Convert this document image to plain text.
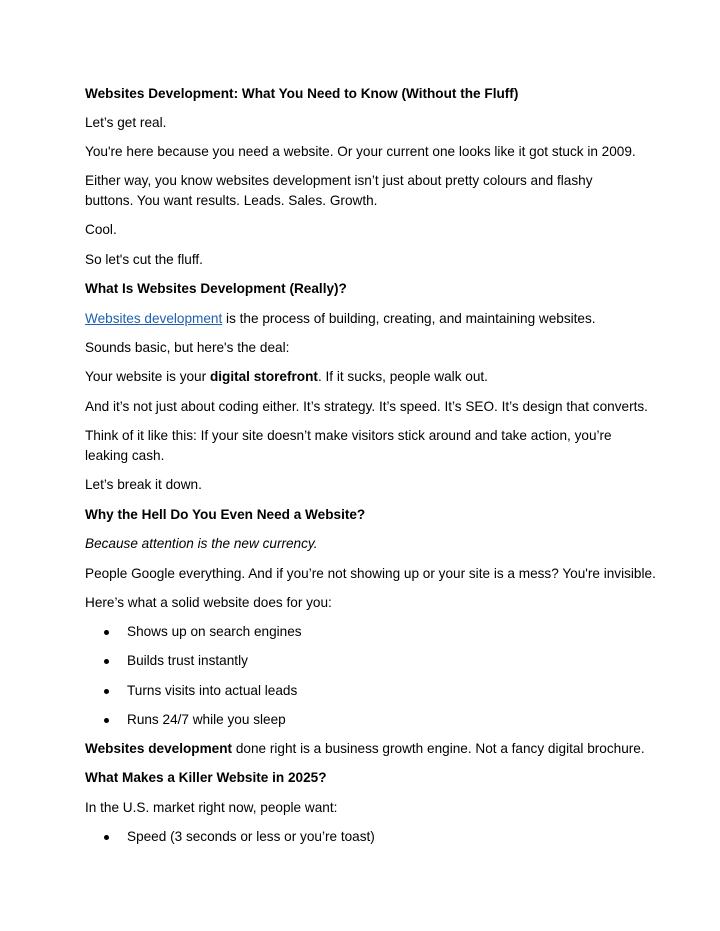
Websites Development: What You Need to Know (Without the Fluff)
Let’s get real.
You're here because you need a website. Or your current one looks like it got stuck in 2009.
Either way, you know websites development isn’t just about pretty colours and flashy buttons. You want results. Leads. Sales. Growth.
Cool.
So let's cut the fluff.
What Is Websites Development (Really)?
Websites development is the process of building, creating, and maintaining websites.
Sounds basic, but here's the deal:
Your website is your digital storefront. If it sucks, people walk out.
And it’s not just about coding either. It’s strategy. It’s speed. It’s SEO. It’s design that converts.
Think of it like this: If your site doesn’t make visitors stick around and take action, you’re leaking cash.
Let’s break it down.
Why the Hell Do You Even Need a Website?
Because attention is the new currency.
People Google everything. And if you’re not showing up or your site is a mess? You're invisible.
Here’s what a solid website does for you:
Shows up on search engines
Builds trust instantly
Turns visits into actual leads
Runs 24/7 while you sleep
Websites development done right is a business growth engine. Not a fancy digital brochure.
What Makes a Killer Website in 2025?
In the U.S. market right now, people want:
Speed (3 seconds or less or you’re toast)
